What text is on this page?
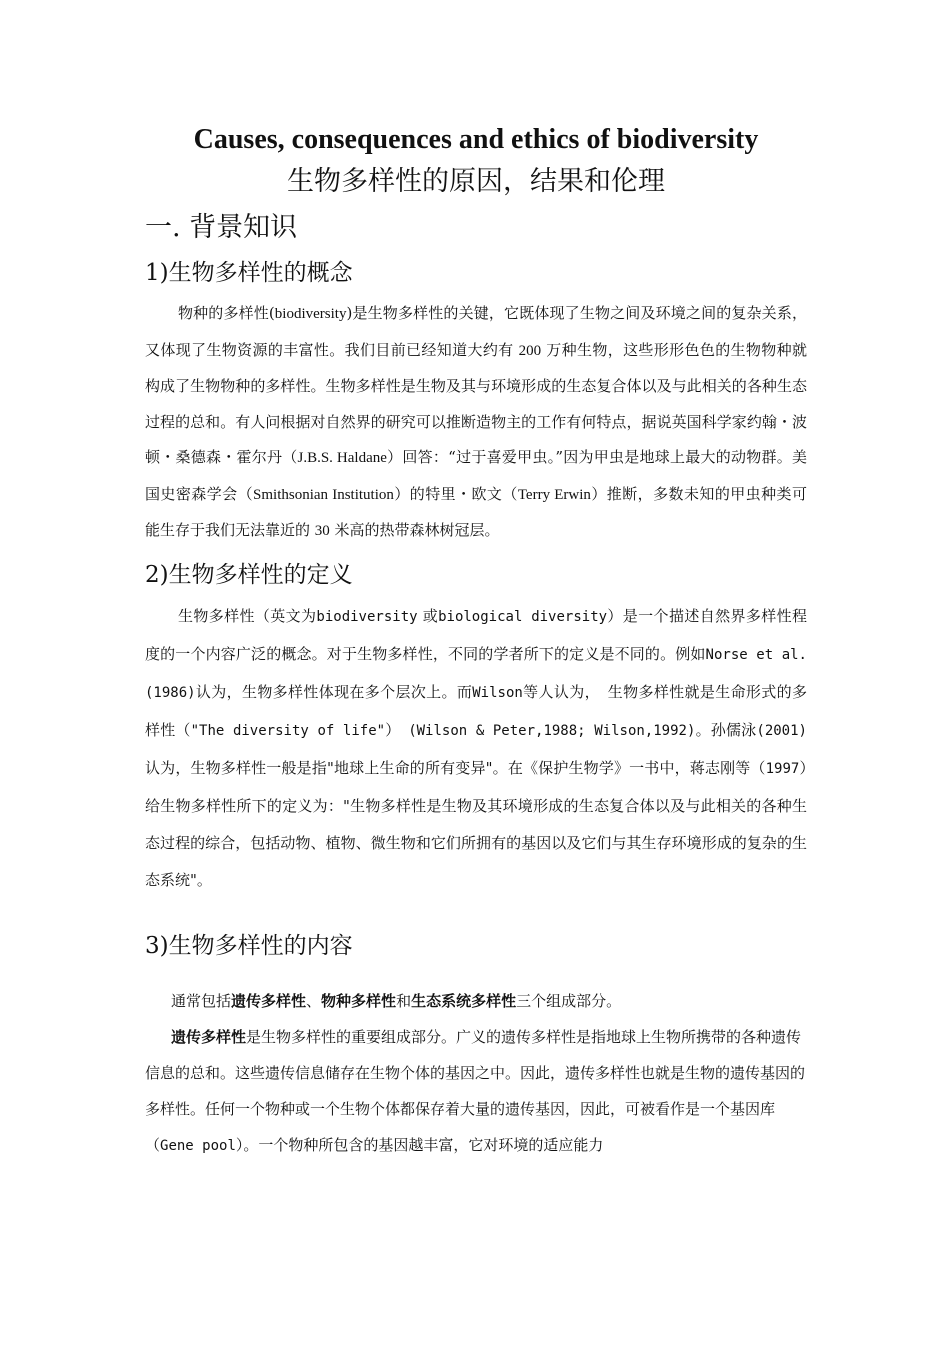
Causes, consequences and ethics of biodiversity
生物多样性的原因，结果和伦理
一. 背景知识
1)生物多样性的概念

物种的多样性(biodiversity)是生物多样性的关键，它既体现了生物之间及环境之间的复杂关系，又体现了生物资源的丰富性。我们目前已经知道大约有 200 万种生物，这些形形色色的生物物种就构成了生物物种的多样性。生物多样性是生物及其与环境形成的生态复合体以及与此相关的各种生态过程的总和。有人问根据对自然界的研究可以推断造物主的工作有何特点，据说英国科学家约翰・波顿・桑德森・霍尔丹（J.B.S. Haldane）回答：“过于喜爱甲虫。”因为甲虫是地球上最大的动物群。美国史密森学会（Smithsonian Institution）的特里・欧文（Terry Erwin）推断，多数未知的甲虫种类可能生存于我们无法靠近的 30 米高的热带森林树冠层。

2)生物多样性的定义

生物多样性（英文为biodiversity 或biological diversity）是一个描述自然界多样性程度的一个内容广泛的概念。对于生物多样性，不同的学者所下的定义是不同的。例如Norse et al.(1986)认为，生物多样性体现在多个层次上。而Wilson等人认为，　生物多样性就是生命形式的多样性（"The diversity of life"）　(Wilson & Peter,1988; Wilson,1992)。孙儒泳(2001)认为，生物多样性一般是指"地球上生命的所有变异"。在《保护生物学》一书中，蒋志刚等（1997）给生物多样性所下的定义为："生物多样性是生物及其环境形成的生态复合体以及与此相关的各种生态过程的综合，包括动物、植物、微生物和它们所拥有的基因以及它们与其生存环境形成的复杂的生态系统"。

3)生物多样性的内容

通常包括遗传多样性、物种多样性和生态系统多样性三个组成部分。

遗传多样性是生物多样性的重要组成部分。广义的遗传多样性是指地球上生物所携带的各种遗传信息的总和。这些遗传信息储存在生物个体的基因之中。因此，遗传多样性也就是生物的遗传基因的多样性。任何一个物种或一个生物个体都保存着大量的遗传基因，因此，可被看作是一个基因库（Gene pool）。一个物种所包含的基因越丰富，它对环境的适应能力
